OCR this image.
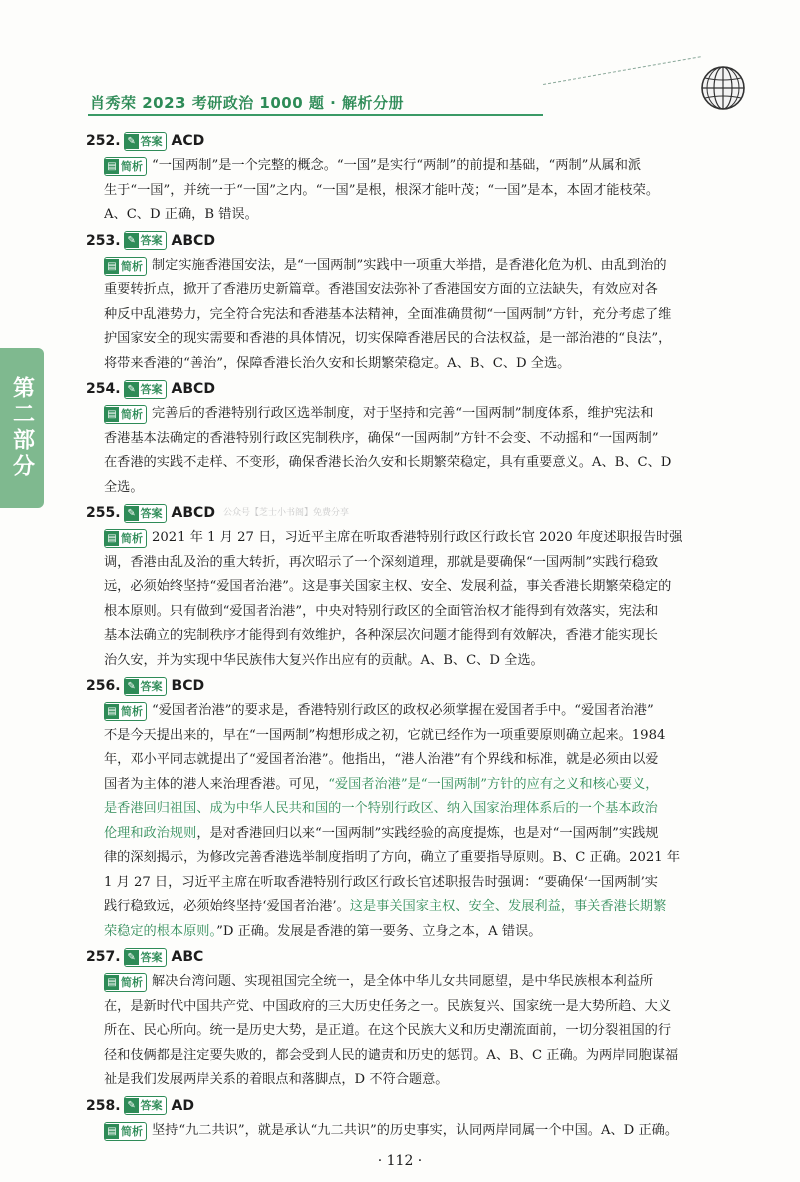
肖秀荣 2023 考研政治 1000 题 · 解析分册
第二部分
252. ✎ 答案 ACD
▤ 简析 “一国两制”是一个完整的概念。“一国”是实行“两制”的前提和基础，“两制”从属和派
生于“一国”，并统一于“一国”之内。“一国”是根，根深才能叶茂；“一国”是本，本固才能枝荣。
A、C、D 正确，B 错误。
253. ✎ 答案 ABCD
▤ 简析 制定实施香港国安法，是“一国两制”实践中一项重大举措，是香港化危为机、由乱到治的
重要转折点，掀开了香港历史新篇章。香港国安法弥补了香港国安方面的立法缺失，有效应对各
种反中乱港势力，完全符合宪法和香港基本法精神，全面准确贯彻“一国两制”方针，充分考虑了维
护国家安全的现实需要和香港的具体情况，切实保障香港居民的合法权益，是一部治港的“良法”，
将带来香港的“善治”，保障香港长治久安和长期繁荣稳定。A、B、C、D 全选。
254. ✎ 答案 ABCD
▤ 简析 完善后的香港特别行政区选举制度，对于坚持和完善“一国两制”制度体系，维护宪法和
香港基本法确定的香港特别行政区宪制秩序，确保“一国两制”方针不会变、不动摇和“一国两制”
在香港的实践不走样、不变形，确保香港长治久安和长期繁荣稳定，具有重要意义。A、B、C、D
全选。
255. ✎ 答案 ABCD 公众号【芝士小书阁】免费分享
▤ 简析 2021 年 1 月 27 日，习近平主席在听取香港特别行政区行政长官 2020 年度述职报告时强
调，香港由乱及治的重大转折，再次昭示了一个深刻道理，那就是要确保“一国两制”实践行稳致
远，必须始终坚持“爱国者治港”。这是事关国家主权、安全、发展利益，事关香港长期繁荣稳定的
根本原则。只有做到“爱国者治港”，中央对特别行政区的全面管治权才能得到有效落实，宪法和
基本法确立的宪制秩序才能得到有效维护，各种深层次问题才能得到有效解决，香港才能实现长
治久安，并为实现中华民族伟大复兴作出应有的贡献。A、B、C、D 全选。
256. ✎ 答案 BCD
▤ 简析 “爱国者治港”的要求是，香港特别行政区的政权必须掌握在爱国者手中。“爱国者治港”
不是今天提出来的，早在“一国两制”构想形成之初，它就已经作为一项重要原则确立起来。1984
年，邓小平同志就提出了“爱国者治港”。他指出，“港人治港”有个界线和标准，就是必须由以爱
国者为主体的港人来治理香港。可见，“爱国者治港”是“一国两制”方针的应有之义和核心要义，
是香港回归祖国、成为中华人民共和国的一个特别行政区、纳入国家治理体系后的一个基本政治
伦理和政治规则，是对香港回归以来“一国两制”实践经验的高度提炼，也是对“一国两制”实践规
律的深刻揭示，为修改完善香港选举制度指明了方向，确立了重要指导原则。B、C 正确。2021 年
1 月 27 日，习近平主席在听取香港特别行政区行政长官述职报告时强调：“要确保‘一国两制’实
践行稳致远，必须始终坚持‘爱国者治港’。这是事关国家主权、安全、发展利益，事关香港长期繁
荣稳定的根本原则。”D 正确。发展是香港的第一要务、立身之本，A 错误。
257. ✎ 答案 ABC
▤ 简析 解决台湾问题、实现祖国完全统一，是全体中华儿女共同愿望，是中华民族根本利益所
在，是新时代中国共产党、中国政府的三大历史任务之一。民族复兴、国家统一是大势所趋、大义
所在、民心所向。统一是历史大势，是正道。在这个民族大义和历史潮流面前，一切分裂祖国的行
径和伎俩都是注定要失败的，都会受到人民的谴责和历史的惩罚。A、B、C 正确。为两岸同胞谋福
祉是我们发展两岸关系的着眼点和落脚点，D 不符合题意。
258. ✎ 答案 AD
▤ 简析 坚持“九二共识”，就是承认“九二共识”的历史事实，认同两岸同属一个中国。A、D 正确。
· 112 ·
